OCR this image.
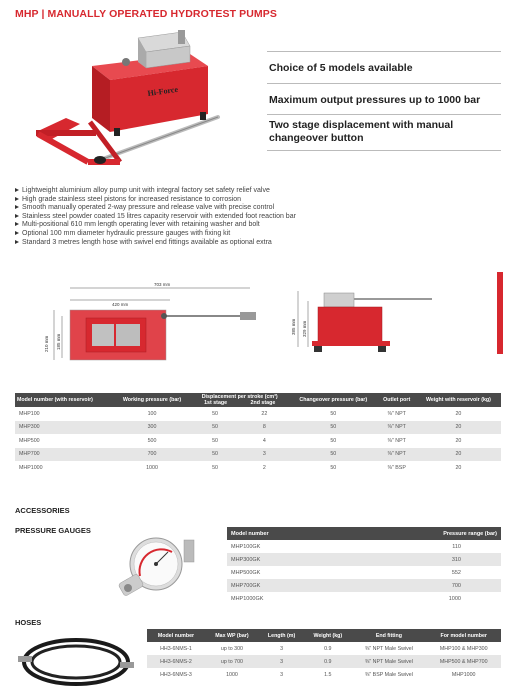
MHP | MANUALLY OPERATED HYDROTEST PUMPS
Hi-Force
Choice of 5 models available
Maximum output pressures up to 1000 bar
Two stage displacement with manual changeover button
Lightweight aluminium alloy pump unit with integral factory set safety relief valve
High grade stainless steel pistons for increased resistance to corrosion
Smooth manually operated 2-way pressure and release valve with precise control
Stainless steel powder coated 15 litres capacity reservoir with extended foot reaction bar
Multi-positional 610 mm length operating lever with retaining washer and bolt
Optional 100 mm diameter hydraulic pressure gauges with fixing kit
Standard 3 metres length hose with swivel end fittings available as optional extra
703 mm
420 mm
210 mm 185 mm
385 mm 329 mm
Model number (with reservoir)	Working pressure (bar)	Displacement per stroke (cm³)
1st stage 2nd stage		Changeover pressure (bar)	Outlet port	Weight with reservoir (kg)
MHP100	100	50	22	50	⅜" NPT	20
MHP300	300	50	8	50	⅜" NPT	20
MHP500	500	50	4	50	⅜" NPT	20
MHP700	700	50	3	50	⅜" NPT	20
MHP1000	1000	50	2	50	⅜" BSP	20
ACCESSORIES
PRESSURE GAUGES	Model number	Pressure range (bar)
MHP100GK	110
MHP300GK	310
MHP500GK	552
MHP700GK	700
MHP1000GK	1000
HOSES
Model number	Max WP (bar)	Length (m)	Weight (kg)	End fitting	For model number
HH3-6NMS-1	up to 300	3	0.9	⅜" NPT Male Swivel	MHP100 & MHP300
HH3-6NMS-2	up to 700	3	0.9	⅜" NPT Male Swivel	MHP500 & MHP700
HH3-6NMS-3	1000	3	1.5	⅜" BSP Male Swivel	MHP1000
